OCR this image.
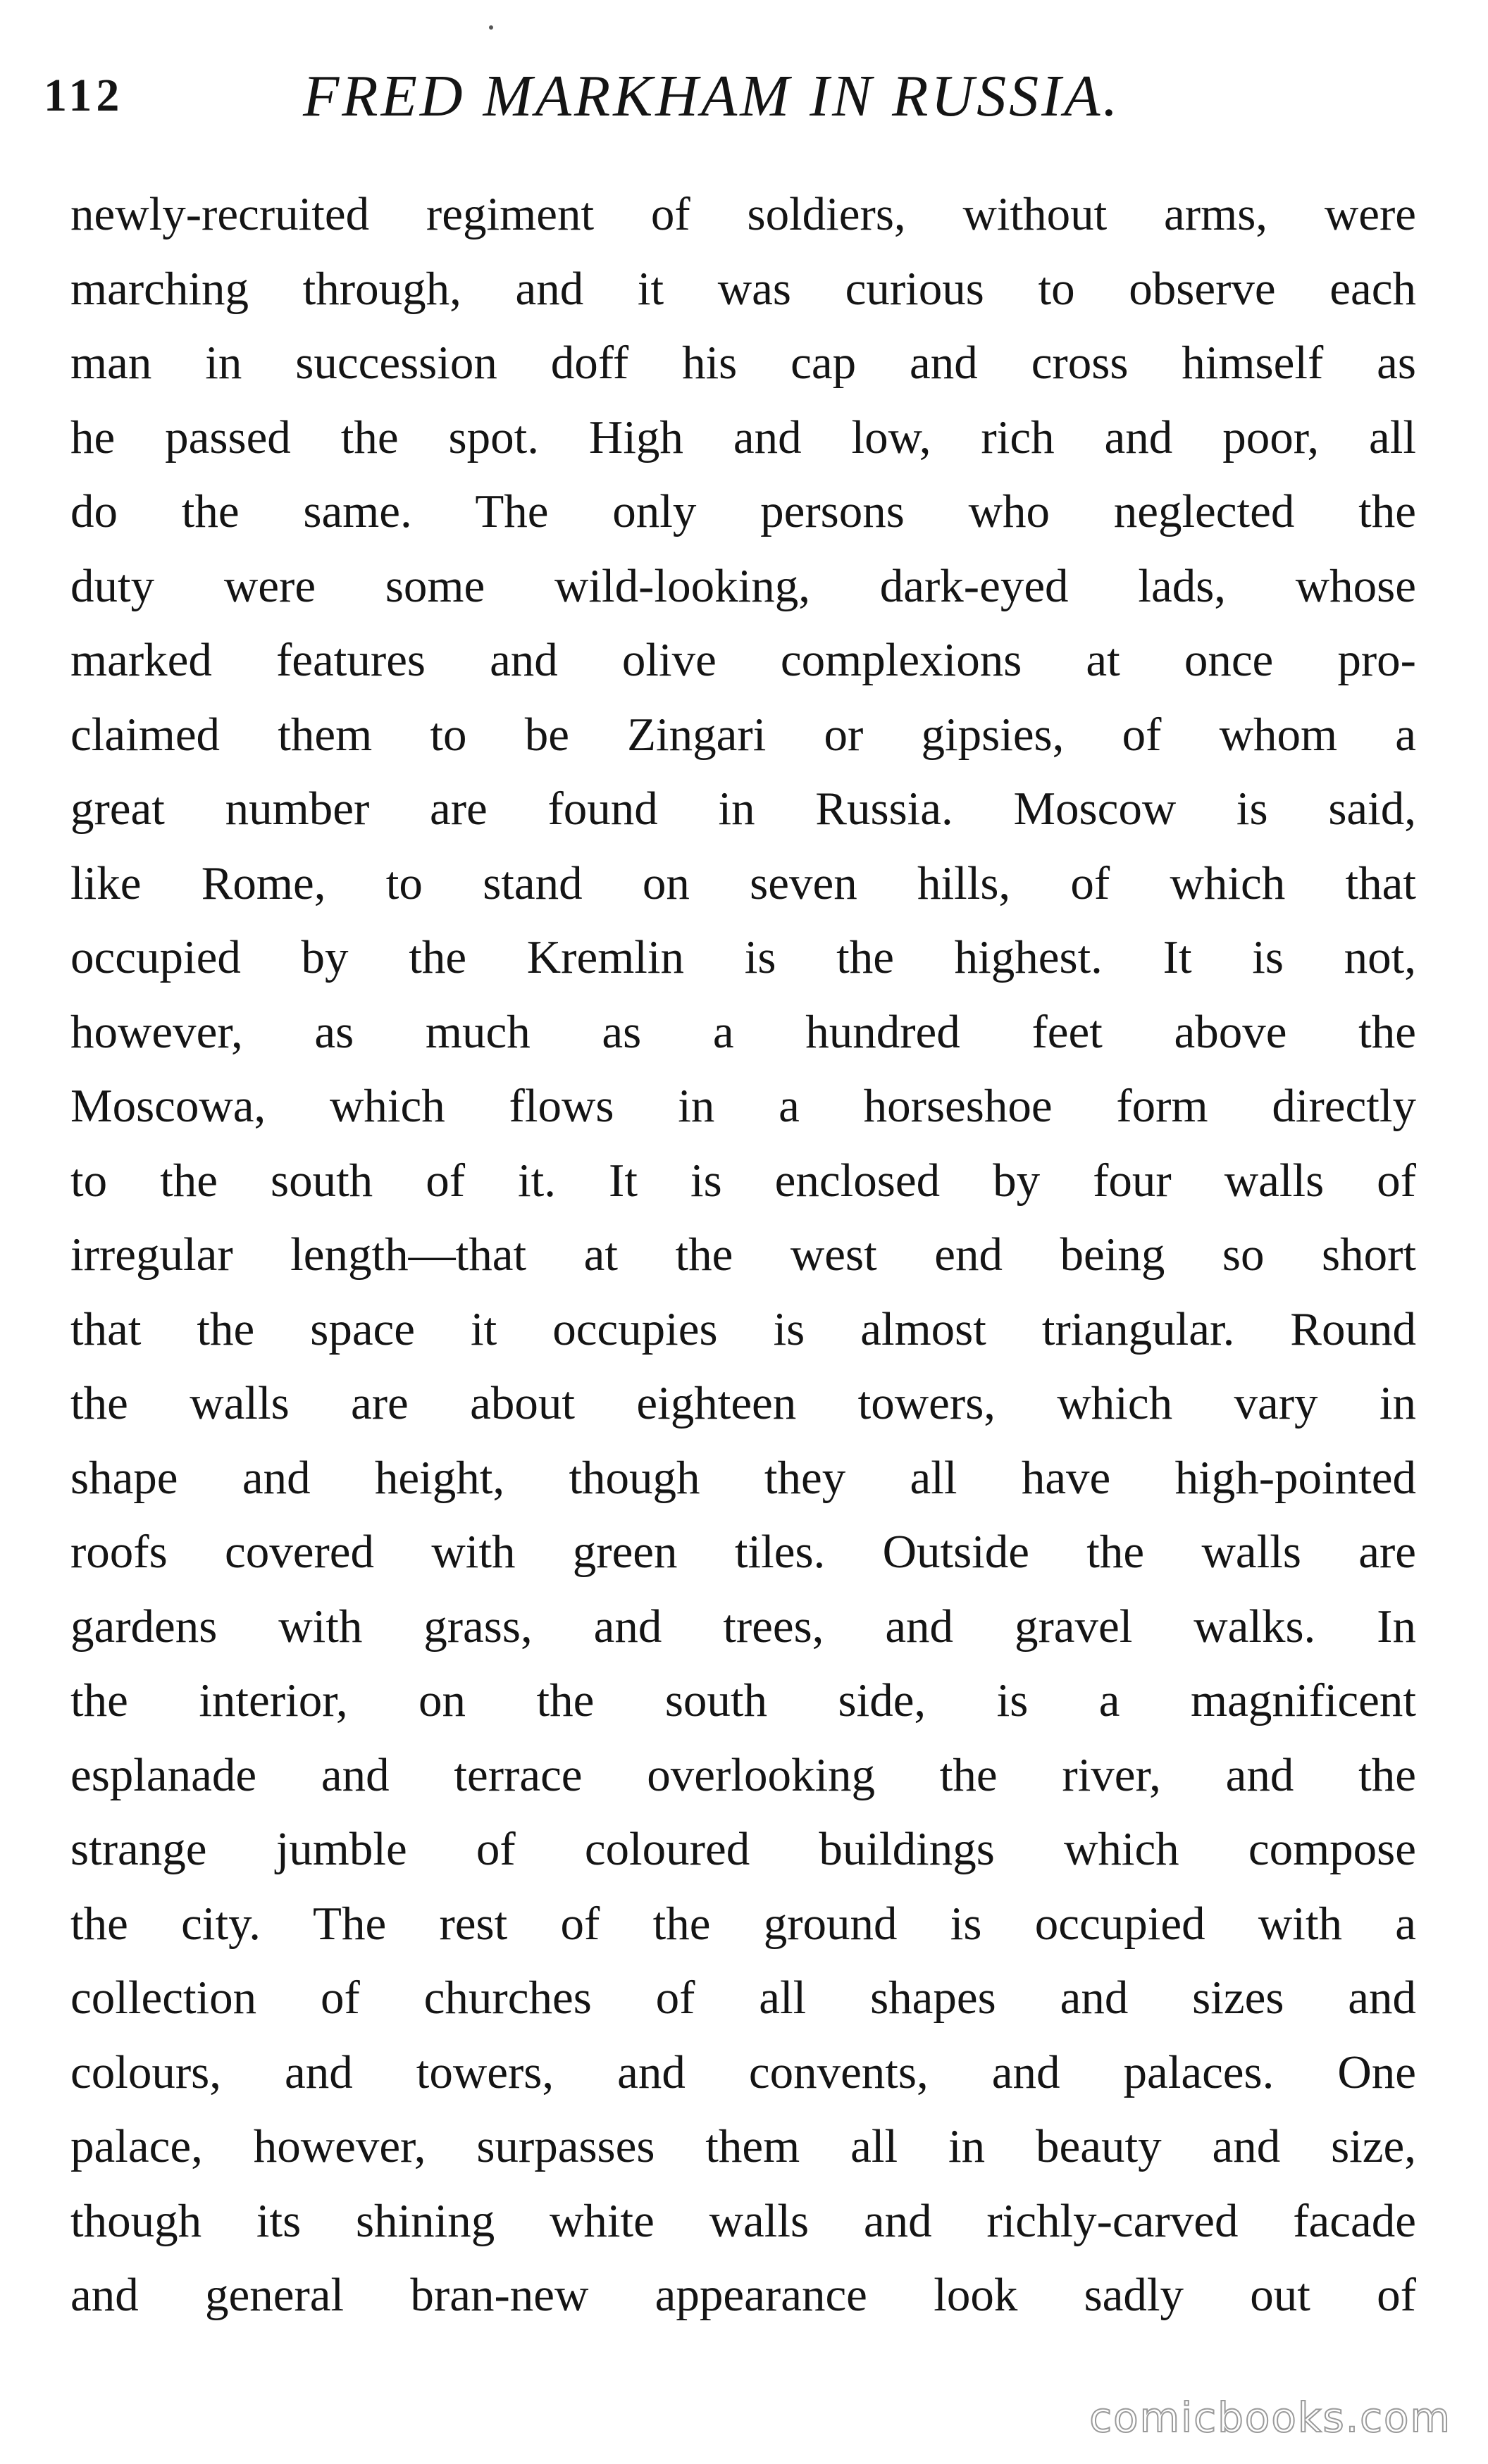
112	FRED MARKHAM IN RUSSIA.
newly-recruited regiment of soldiers, without arms, were
marching through, and it was curious to observe each
man in succession doff his cap and cross himself as
he passed the spot. High and low, rich and poor, all
do the same. The only persons who neglected the
duty were some wild-looking, dark-eyed lads, whose
marked features and olive complexions at once pro-
claimed them to be Zingari or gipsies, of whom a
great number are found in Russia. Moscow is said,
like Rome, to stand on seven hills, of which that
occupied by the Kremlin is the highest. It is not,
however, as much as a hundred feet above the
Moscowa, which flows in a horseshoe form directly
to the south of it. It is enclosed by four walls of
irregular length—that at the west end being so short
that the space it occupies is almost triangular. Round
the walls are about eighteen towers, which vary in
shape and height, though they all have high-pointed
roofs covered with green tiles. Outside the walls are
gardens with grass, and trees, and gravel walks. In
the interior, on the south side, is a magnificent
esplanade and terrace overlooking the river, and the
strange jumble of coloured buildings which compose
the city. The rest of the ground is occupied with a
collection of churches of all shapes and sizes and
colours, and towers, and convents, and palaces. One
palace, however, surpasses them all in beauty and size,
though its shining white walls and richly-carved facade
and general bran-new appearance look sadly out of
comicbooks.com
